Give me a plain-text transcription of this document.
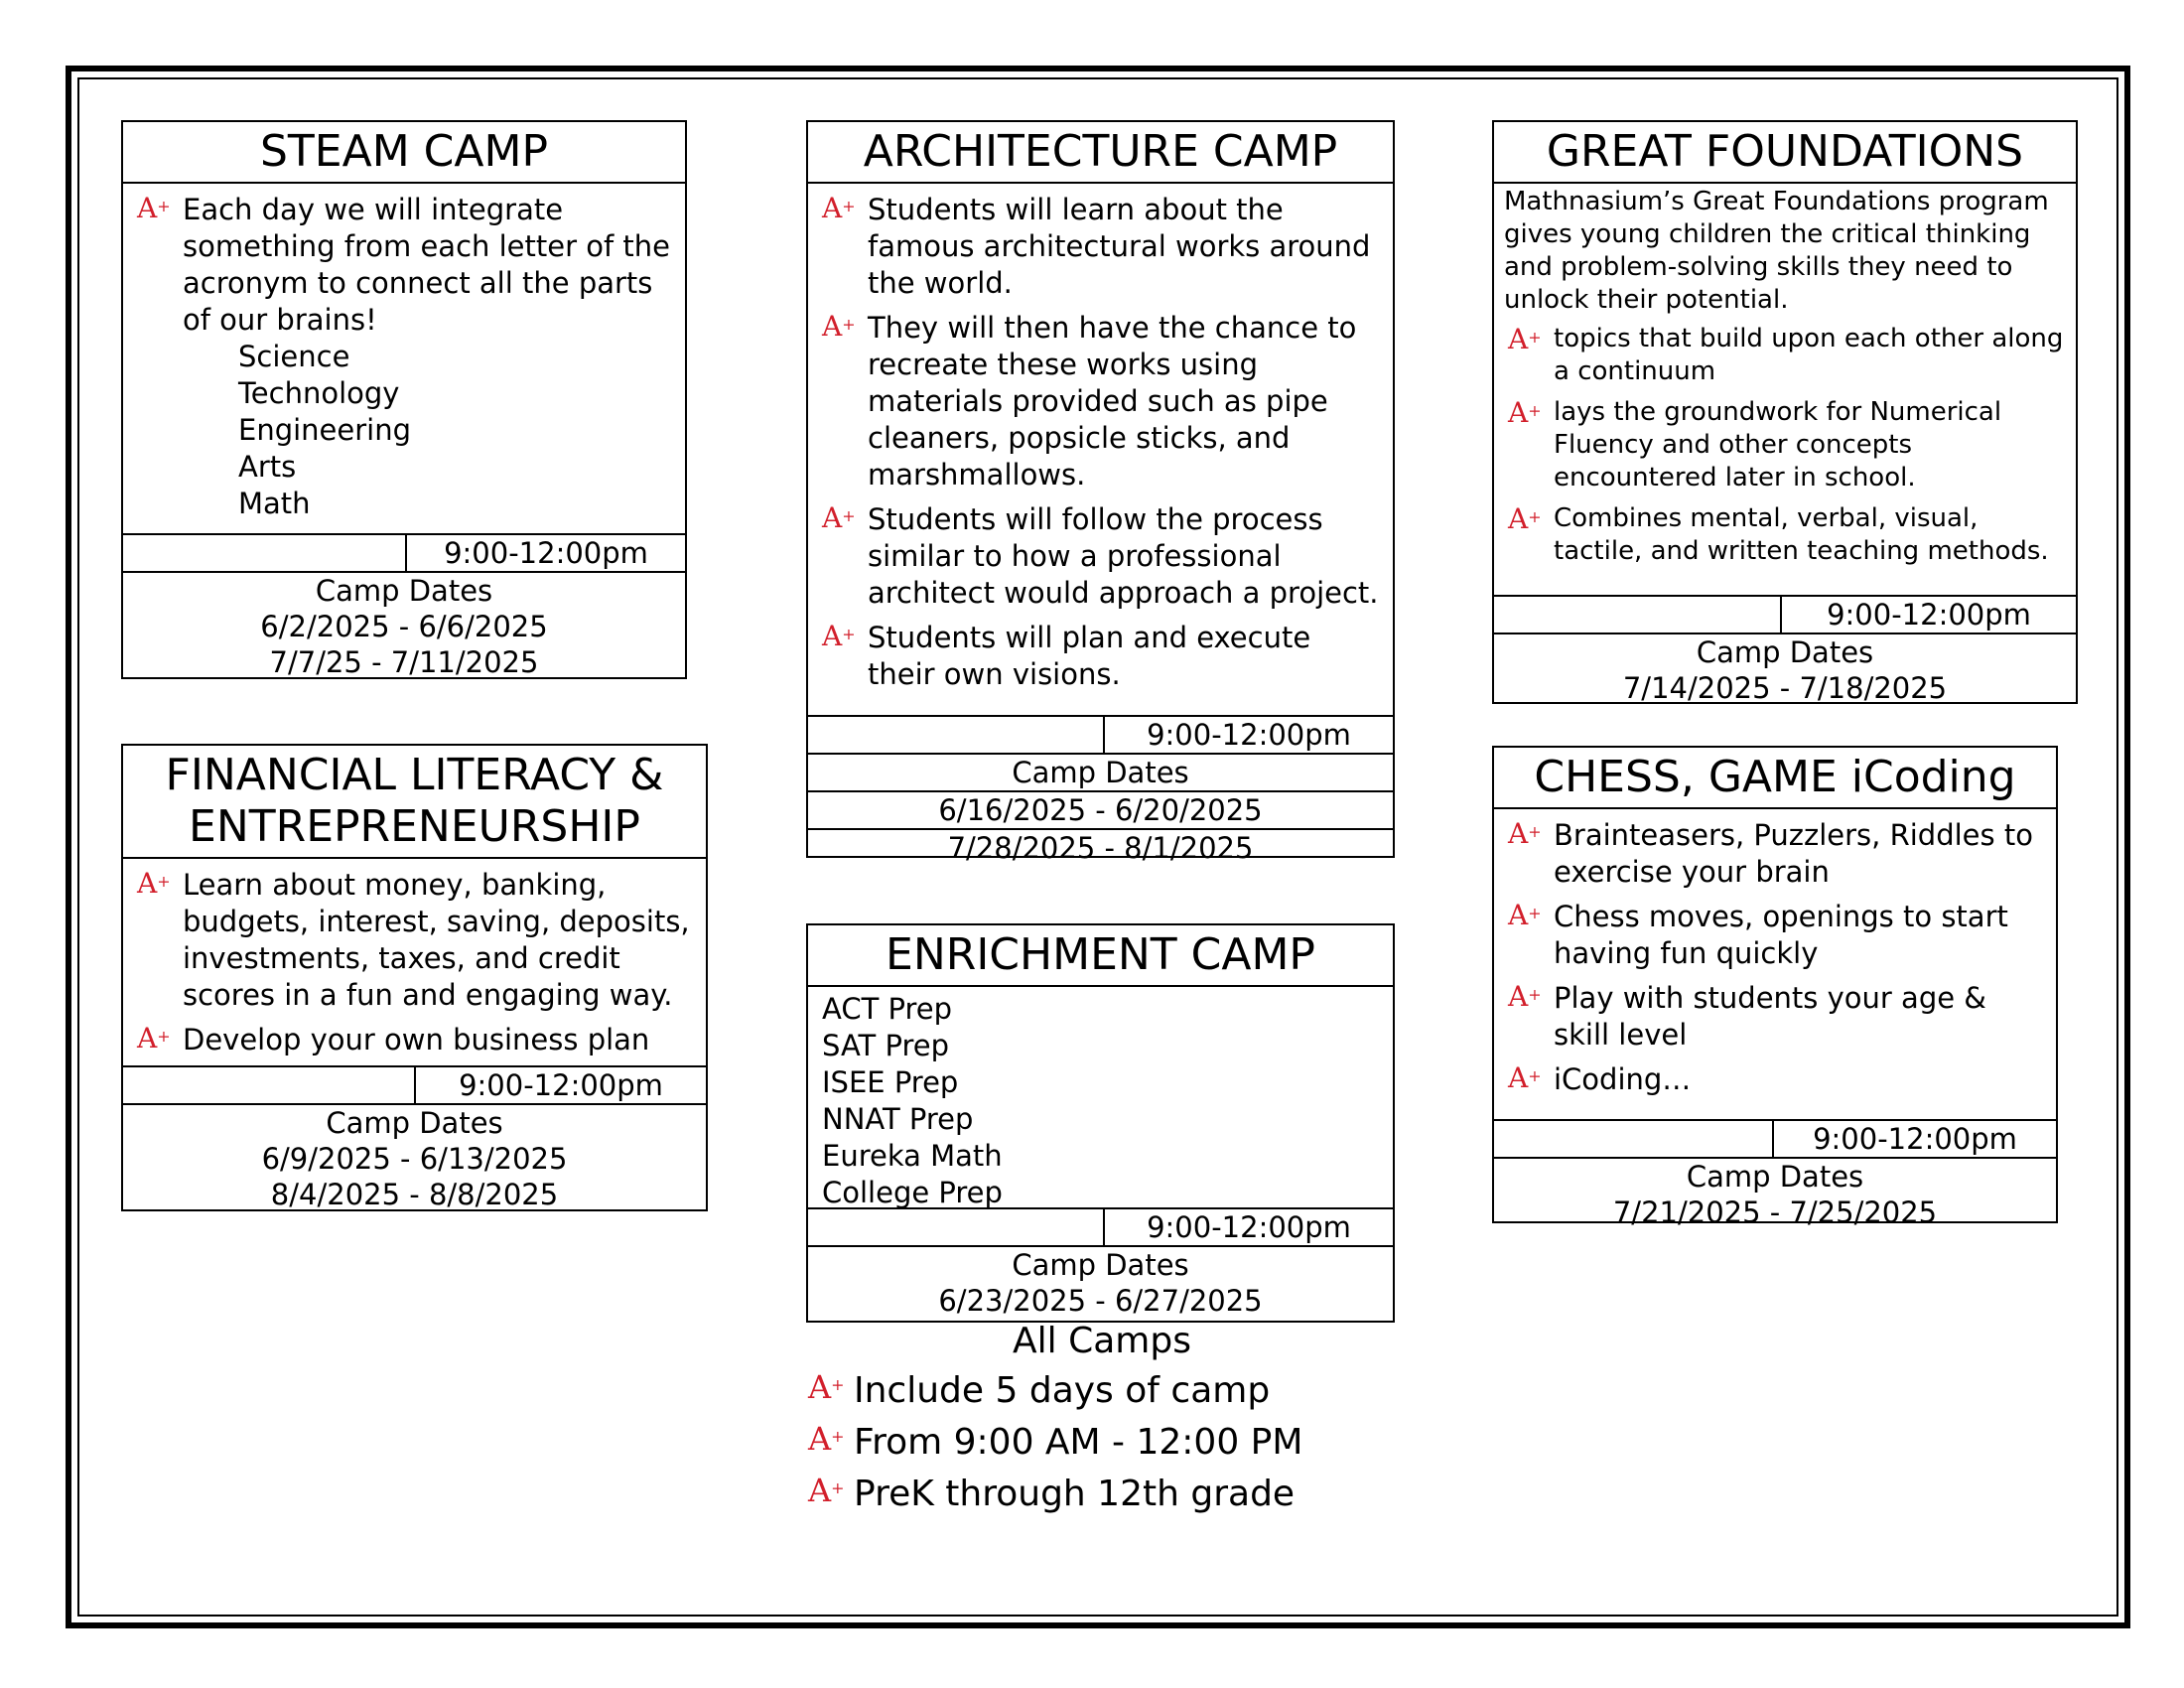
STEAM CAMP
A+ Each day we will integrate something from each letter of the acronym to connect all the parts of our brains!
Science
Technology
Engineering
Arts
Math
9:00-12:00pm
Camp Dates
6/2/2025 - 6/6/2025
7/7/25 - 7/11/2025
ARCHITECTURE CAMP
A+ Students will learn about the famous architectural works around the world.
A+ They will then have the chance to recreate these works using materials provided such as pipe cleaners, popsicle sticks, and marshmallows.
A+ Students will follow the process similar to how a professional architect would approach a project.
A+ Students will plan and execute their own visions.
9:00-12:00pm
Camp Dates
6/16/2025 - 6/20/2025
7/28/2025 - 8/1/2025
GREAT FOUNDATIONS

Mathnasium’s Great Foundations program gives young children the critical thinking and problem-solving skills they need to unlock their potential.

A+ topics that build upon each other along a continuum
A+ lays the groundwork for Numerical Fluency and other concepts encountered later in school.
A+ Combines mental, verbal, visual, tactile, and written teaching methods.
9:00-12:00pm
Camp Dates
7/14/2025 - 7/18/2025
FINANCIAL LITERACY & ENTREPRENEURSHIP
A+ Learn about money, banking, budgets, interest, saving, deposits, investments, taxes, and credit scores in a fun and engaging way.
A+ Develop your own business plan
9:00-12:00pm
Camp Dates
6/9/2025 - 6/13/2025
8/4/2025 - 8/8/2025
ENRICHMENT CAMP
ACT Prep
SAT Prep
ISEE Prep
NNAT Prep
Eureka Math
College Prep
9:00-12:00pm
Camp Dates
6/23/2025 - 6/27/2025
CHESS, GAME iCoding
A+ Brainteasers, Puzzlers, Riddles to exercise your brain
A+ Chess moves, openings to start having fun quickly
A+ Play with students your age & skill level
A+ iCoding…
9:00-12:00pm
Camp Dates
7/21/2025 - 7/25/2025
All Camps
A+ Include 5 days of camp
A+ From 9:00 AM - 12:00 PM
A+ PreK through 12th grade
